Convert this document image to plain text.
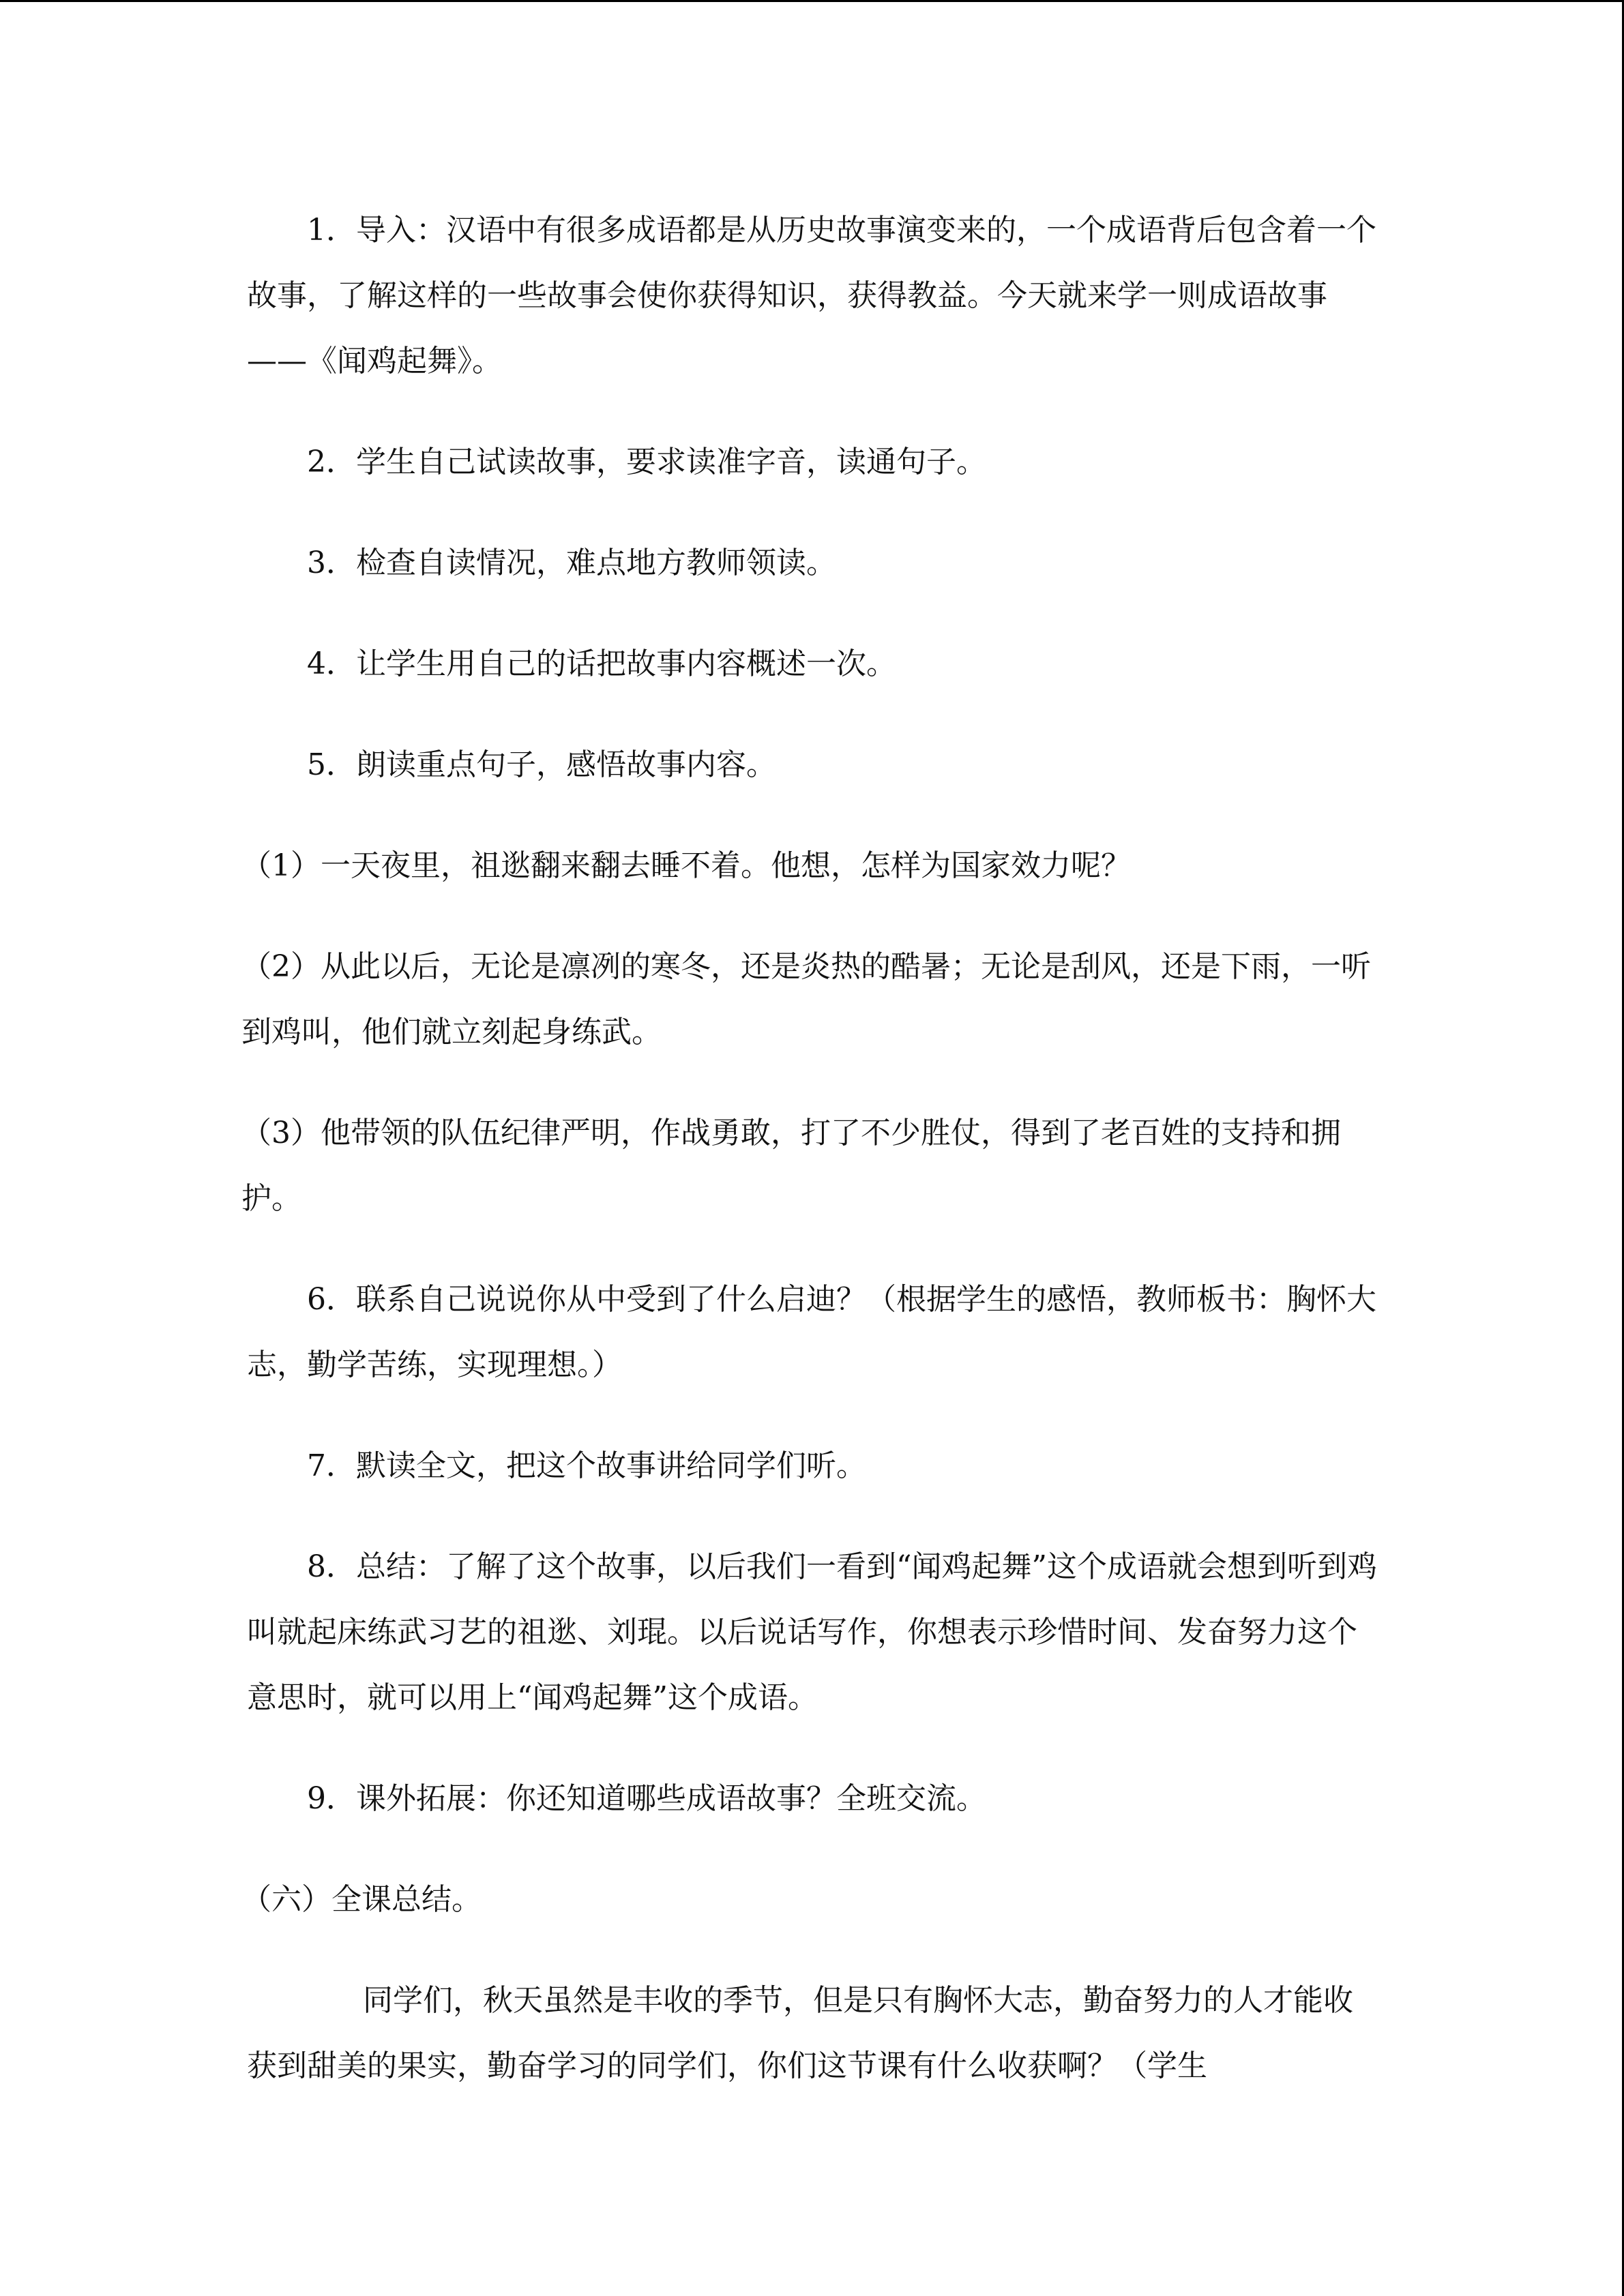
1．导入：汉语中有很多成语都是从历史故事演变来的，一个成语背后包含着一个故事，了解这样的一些故事会使你获得知识，获得教益。今天就来学一则成语故事——《闻鸡起舞》。

2．学生自己试读故事，要求读准字音，读通句子。

3．检查自读情况，难点地方教师领读。

4．让学生用自己的话把故事内容概述一次。

5．朗读重点句子，感悟故事内容。

（1）一天夜里，祖逖翻来翻去睡不着。他想，怎样为国家效力呢？

（2）从此以后，无论是凛冽的寒冬，还是炎热的酷暑；无论是刮风，还是下雨，一听到鸡叫，他们就立刻起身练武。

（3）他带领的队伍纪律严明，作战勇敢，打了不少胜仗，得到了老百姓的支持和拥护。

6．联系自己说说你从中受到了什么启迪？（根据学生的感悟，教师板书：胸怀大志，勤学苦练，实现理想。）

7．默读全文，把这个故事讲给同学们听。

8．总结：了解了这个故事，以后我们一看到“闻鸡起舞”这个成语就会想到听到鸡叫就起床练武习艺的祖逖、刘琨。以后说话写作，你想表示珍惜时间、发奋努力这个意思时，就可以用上“闻鸡起舞”这个成语。

9．课外拓展：你还知道哪些成语故事？全班交流。

（六）全课总结。

同学们，秋天虽然是丰收的季节，但是只有胸怀大志，勤奋努力的人才能收获到甜美的果实，勤奋学习的同学们，你们这节课有什么收获啊？（学生
